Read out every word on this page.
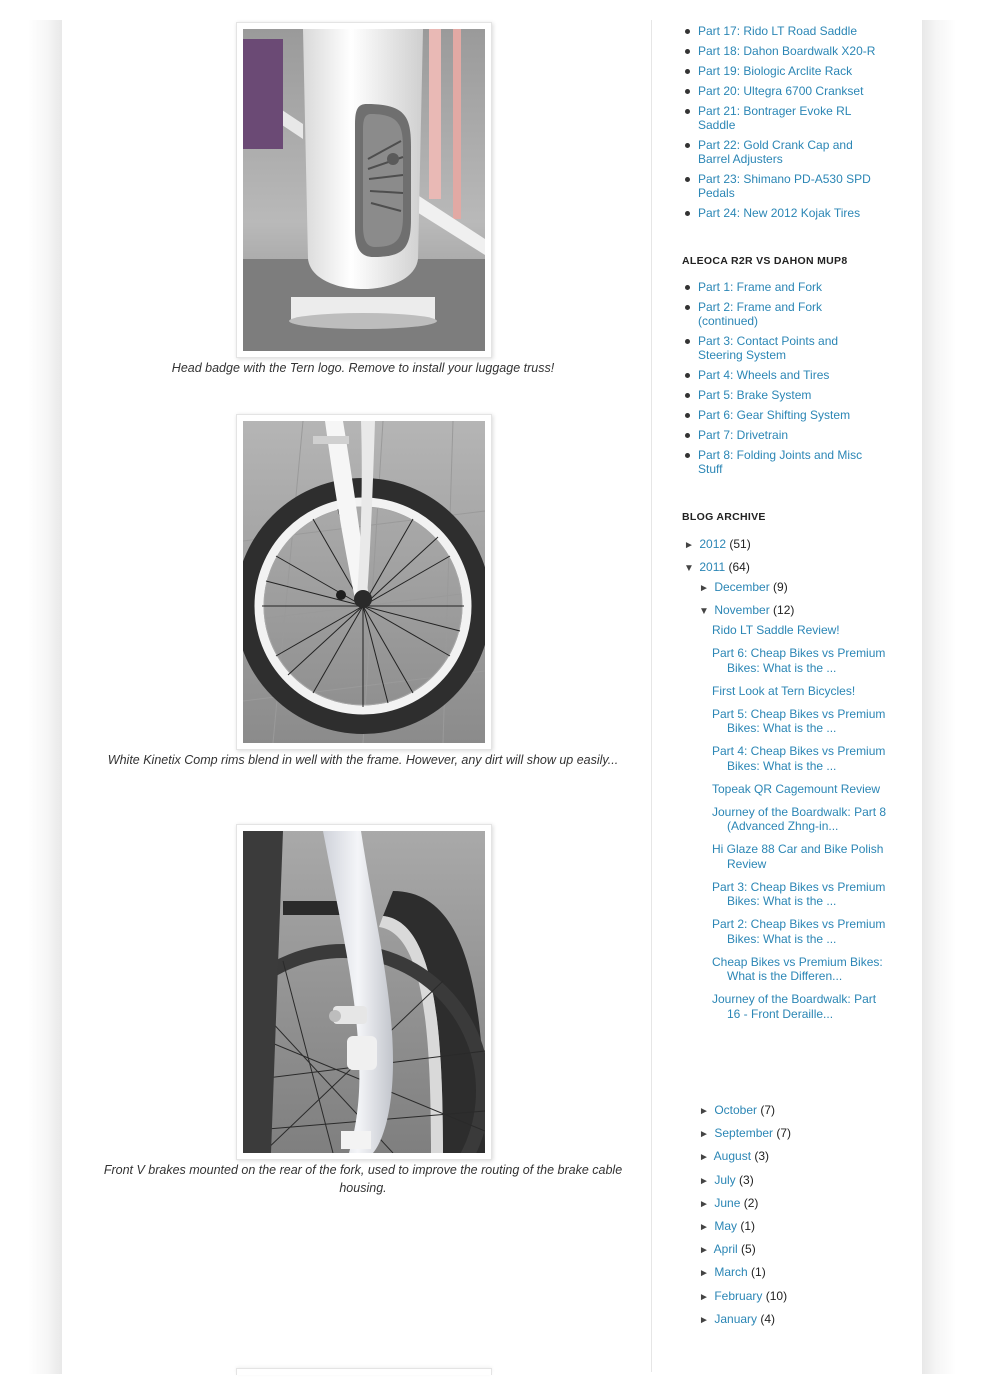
Head badge with the Tern logo. Remove to install your luggage truss!
White Kinetix Comp rims blend in well with the frame. However, any dirt will show up easily...
Front V brakes mounted on the rear of the fork, used to improve the routing of the brake cable housing.
Part 17: Rido LT Road Saddle
Part 18: Dahon Boardwalk X20-R
Part 19: Biologic Arclite Rack
Part 20: Ultegra 6700 Crankset
Part 21: Bontrager Evoke RL Saddle
Part 22: Gold Crank Cap and Barrel Adjusters
Part 23: Shimano PD-A530 SPD Pedals
Part 24: New 2012 Kojak Tires
ALEOCA R2R VS DAHON MUP8
Part 1: Frame and Fork
Part 2: Frame and Fork (continued)
Part 3: Contact Points and Steering System
Part 4: Wheels and Tires
Part 5: Brake System
Part 6: Gear Shifting System
Part 7: Drivetrain
Part 8: Folding Joints and Misc Stuff
BLOG ARCHIVE
► 2012 (51)
▼ 2011 (64)
► December (9)
▼ November (12)
Rido LT Saddle Review!
Part 6: Cheap Bikes vs Premium Bikes: What is the ...
First Look at Tern Bicycles!
Part 5: Cheap Bikes vs Premium Bikes: What is the ...
Part 4: Cheap Bikes vs Premium Bikes: What is the ...
Topeak QR Cagemount Review
Journey of the Boardwalk: Part 8 (Advanced Zhng-in...
Hi Glaze 88 Car and Bike Polish Review
Part 3: Cheap Bikes vs Premium Bikes: What is the ...
Part 2: Cheap Bikes vs Premium Bikes: What is the ...
Cheap Bikes vs Premium Bikes: What is the Differen...
Journey of the Boardwalk: Part 16 - Front Deraille...
► October (7)
► September (7)
► August (3)
► July (3)
► June (2)
► May (1)
► April (5)
► March (1)
► February (10)
► January (4)
